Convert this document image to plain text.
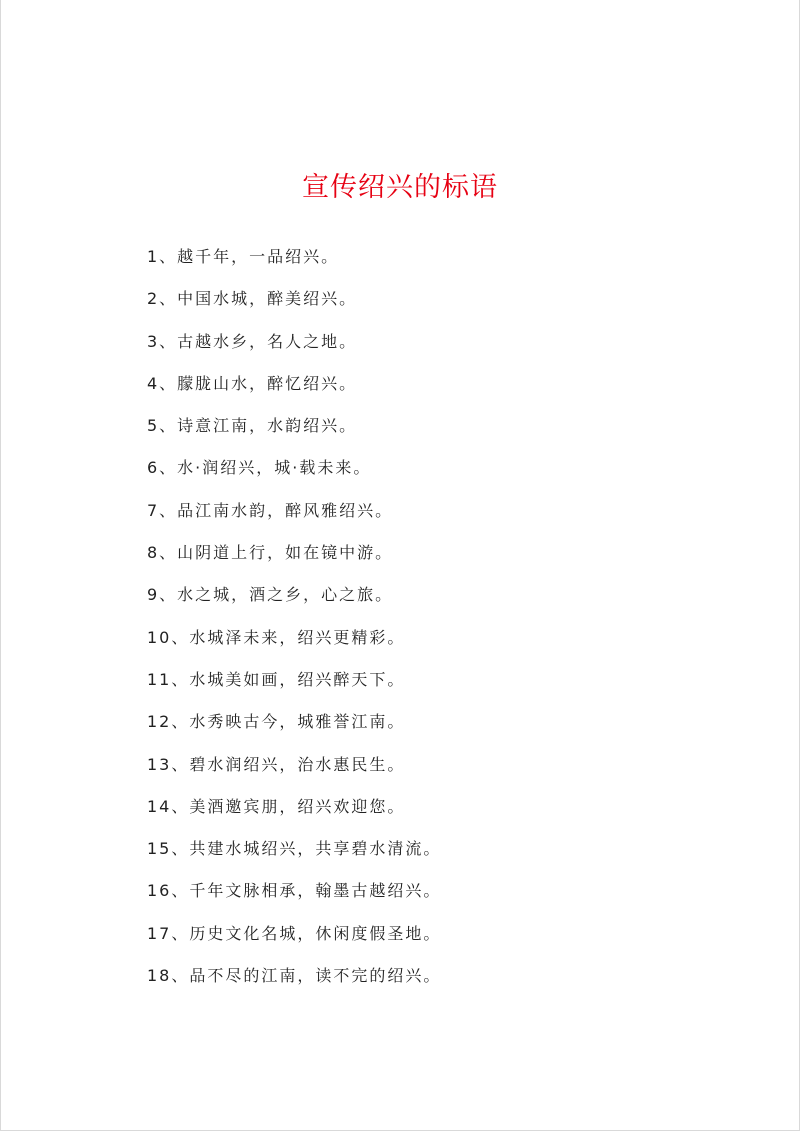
宣传绍兴的标语
1、越千年，一品绍兴。
2、中国水城，醉美绍兴。
3、古越水乡，名人之地。
4、朦胧山水，醉忆绍兴。
5、诗意江南，水韵绍兴。
6、水·润绍兴，城·载未来。
7、品江南水韵，醉风雅绍兴。
8、山阴道上行，如在镜中游。
9、水之城，酒之乡，心之旅。
10、水城泽未来，绍兴更精彩。
11、水城美如画，绍兴醉天下。
12、水秀映古今，城雅誉江南。
13、碧水润绍兴，治水惠民生。
14、美酒邀宾朋，绍兴欢迎您。
15、共建水城绍兴，共享碧水清流。
16、千年文脉相承，翰墨古越绍兴。
17、历史文化名城，休闲度假圣地。
18、品不尽的江南，读不完的绍兴。
